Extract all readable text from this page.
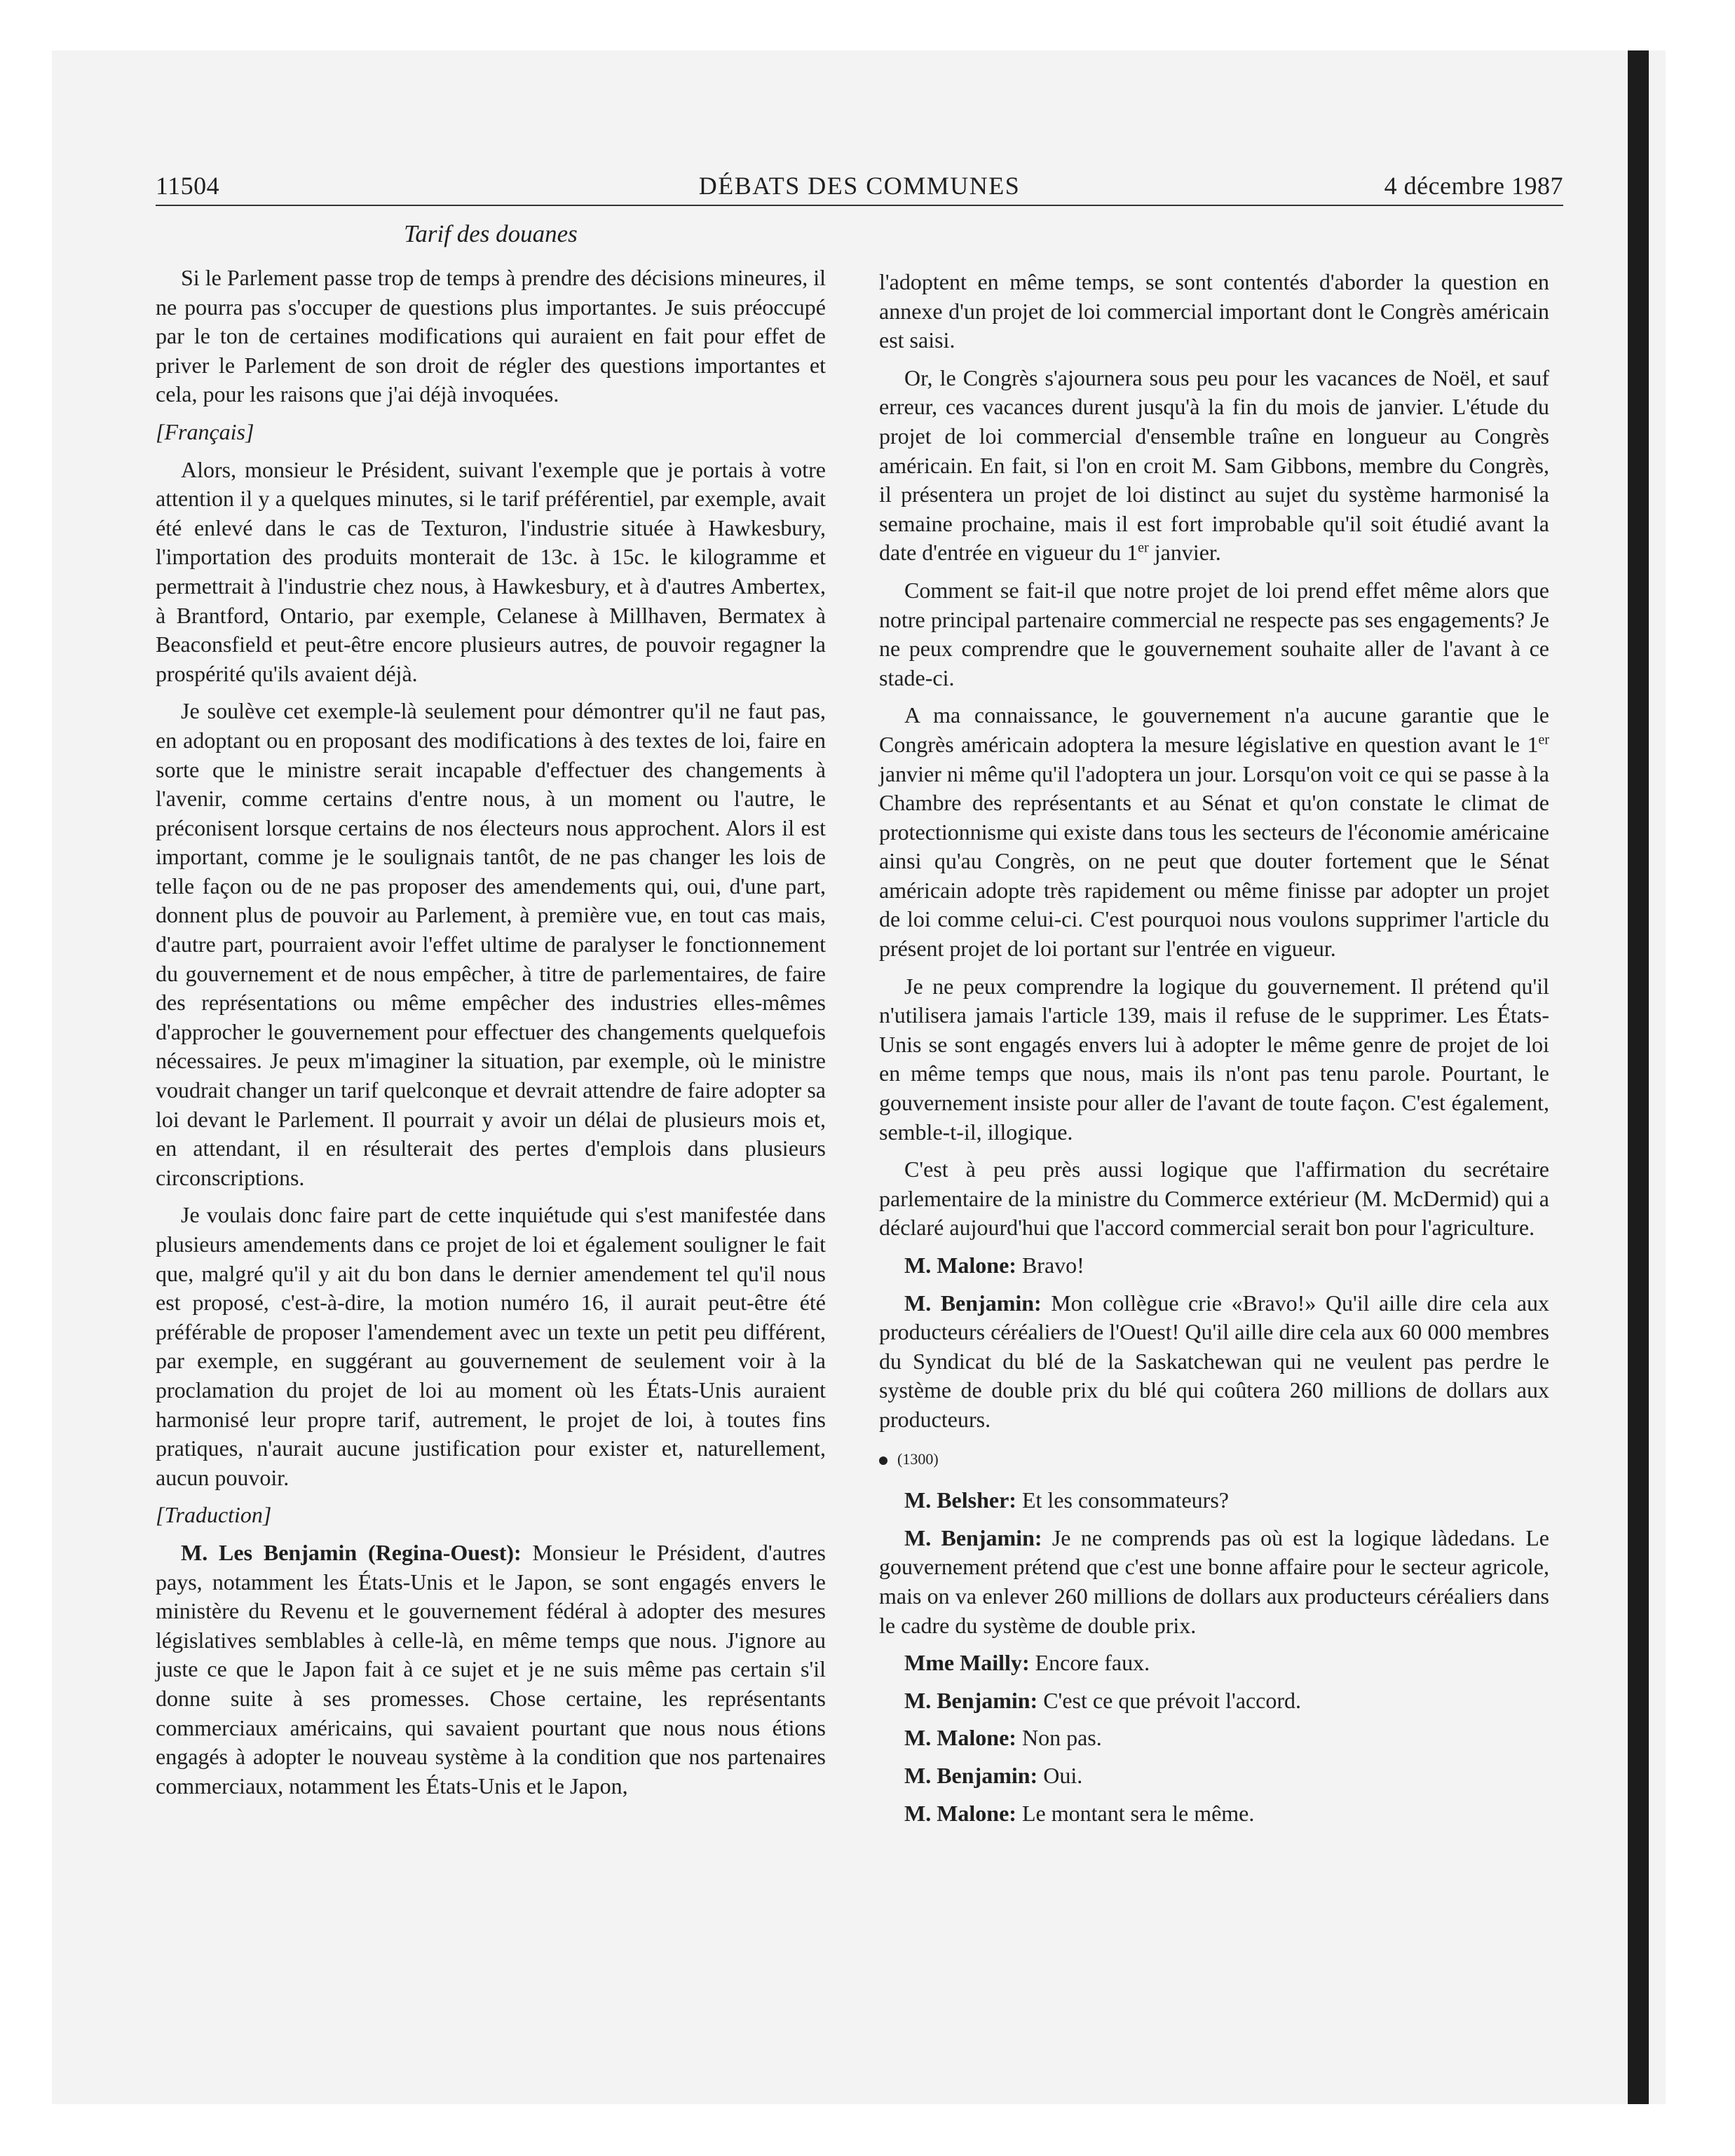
11504	DÉBATS DES COMMUNES	4 décembre 1987
Tarif des douanes

Si le Parlement passe trop de temps à prendre des décisions mineures, il ne pourra pas s'occuper de questions plus importantes. Je suis préoccupé par le ton de certaines modifications qui auraient en fait pour effet de priver le Parlement de son droit de régler des questions importantes et cela, pour les raisons que j'ai déjà invoquées.

[Français]

Alors, monsieur le Président, suivant l'exemple que je portais à votre attention il y a quelques minutes, si le tarif préférentiel, par exemple, avait été enlevé dans le cas de Texturon, l'industrie située à Hawkesbury, l'importation des produits monterait de 13c. à 15c. le kilogramme et permettrait à l'industrie chez nous, à Hawkesbury, et à d'autres Ambertex, à Brantford, Ontario, par exemple, Celanese à Millhaven, Bermatex à Beaconsfield et peut-être encore plusieurs autres, de pouvoir regagner la prospérité qu'ils avaient déjà.

Je soulève cet exemple-là seulement pour démontrer qu'il ne faut pas, en adoptant ou en proposant des modifications à des textes de loi, faire en sorte que le ministre serait incapable d'effectuer des changements à l'avenir, comme certains d'entre nous, à un moment ou l'autre, le préconisent lorsque certains de nos électeurs nous approchent. Alors il est important, comme je le soulignais tantôt, de ne pas changer les lois de telle façon ou de ne pas proposer des amendements qui, oui, d'une part, donnent plus de pouvoir au Parlement, à première vue, en tout cas mais, d'autre part, pourraient avoir l'effet ultime de paralyser le fonctionnement du gouvernement et de nous empêcher, à titre de parlementaires, de faire des représentations ou même empêcher des industries elles-mêmes d'approcher le gouvernement pour effectuer des changements quelquefois nécessaires. Je peux m'imaginer la situation, par exemple, où le ministre voudrait changer un tarif quelconque et devrait attendre de faire adopter sa loi devant le Parlement. Il pourrait y avoir un délai de plusieurs mois et, en attendant, il en résulterait des pertes d'emplois dans plusieurs circonscriptions.

Je voulais donc faire part de cette inquiétude qui s'est manifestée dans plusieurs amendements dans ce projet de loi et également souligner le fait que, malgré qu'il y ait du bon dans le dernier amendement tel qu'il nous est proposé, c'est-à-dire, la motion numéro 16, il aurait peut-être été préférable de proposer l'amendement avec un texte un petit peu différent, par exemple, en suggérant au gouvernement de seulement voir à la proclamation du projet de loi au moment où les États-Unis auraient harmonisé leur propre tarif, autrement, le projet de loi, à toutes fins pratiques, n'aurait aucune justification pour exister et, naturellement, aucun pouvoir.

[Traduction]

M. Les Benjamin (Regina-Ouest): Monsieur le Président, d'autres pays, notamment les États-Unis et le Japon, se sont engagés envers le ministère du Revenu et le gouvernement fédéral à adopter des mesures législatives semblables à celle-là, en même temps que nous. J'ignore au juste ce que le Japon fait à ce sujet et je ne suis même pas certain s'il donne suite à ses promesses. Chose certaine, les représentants commerciaux américains, qui savaient pourtant que nous nous étions engagés à adopter le nouveau système à la condition que nos partenaires commerciaux, notamment les États-Unis et le Japon,

l'adoptent en même temps, se sont contentés d'aborder la question en annexe d'un projet de loi commercial important dont le Congrès américain est saisi.

Or, le Congrès s'ajournera sous peu pour les vacances de Noël, et sauf erreur, ces vacances durent jusqu'à la fin du mois de janvier. L'étude du projet de loi commercial d'ensemble traîne en longueur au Congrès américain. En fait, si l'on en croit M. Sam Gibbons, membre du Congrès, il présentera un projet de loi distinct au sujet du système harmonisé la semaine prochaine, mais il est fort improbable qu'il soit étudié avant la date d'entrée en vigueur du 1er janvier.

Comment se fait-il que notre projet de loi prend effet même alors que notre principal partenaire commercial ne respecte pas ses engagements? Je ne peux comprendre que le gouvernement souhaite aller de l'avant à ce stade-ci.

A ma connaissance, le gouvernement n'a aucune garantie que le Congrès américain adoptera la mesure législative en question avant le 1er janvier ni même qu'il l'adoptera un jour. Lorsqu'on voit ce qui se passe à la Chambre des représentants et au Sénat et qu'on constate le climat de protectionnisme qui existe dans tous les secteurs de l'économie américaine ainsi qu'au Congrès, on ne peut que douter fortement que le Sénat américain adopte très rapidement ou même finisse par adopter un projet de loi comme celui-ci. C'est pourquoi nous voulons supprimer l'article du présent projet de loi portant sur l'entrée en vigueur.

Je ne peux comprendre la logique du gouvernement. Il prétend qu'il n'utilisera jamais l'article 139, mais il refuse de le supprimer. Les États-Unis se sont engagés envers lui à adopter le même genre de projet de loi en même temps que nous, mais ils n'ont pas tenu parole. Pourtant, le gouvernement insiste pour aller de l'avant de toute façon. C'est également, semble-t-il, illogique.

C'est à peu près aussi logique que l'affirmation du secrétaire parlementaire de la ministre du Commerce extérieur (M. McDermid) qui a déclaré aujourd'hui que l'accord commercial serait bon pour l'agriculture.

M. Malone: Bravo!

M. Benjamin: Mon collègue crie «Bravo!» Qu'il aille dire cela aux producteurs céréaliers de l'Ouest! Qu'il aille dire cela aux 60 000 membres du Syndicat du blé de la Saskatchewan qui ne veulent pas perdre le système de double prix du blé qui coûtera 260 millions de dollars aux producteurs.

(1300)

M. Belsher: Et les consommateurs?

M. Benjamin: Je ne comprends pas où est la logique làdedans. Le gouvernement prétend que c'est une bonne affaire pour le secteur agricole, mais on va enlever 260 millions de dollars aux producteurs céréaliers dans le cadre du système de double prix.

Mme Mailly: Encore faux.

M. Benjamin: C'est ce que prévoit l'accord.

M. Malone: Non pas.

M. Benjamin: Oui.

M. Malone: Le montant sera le même.
